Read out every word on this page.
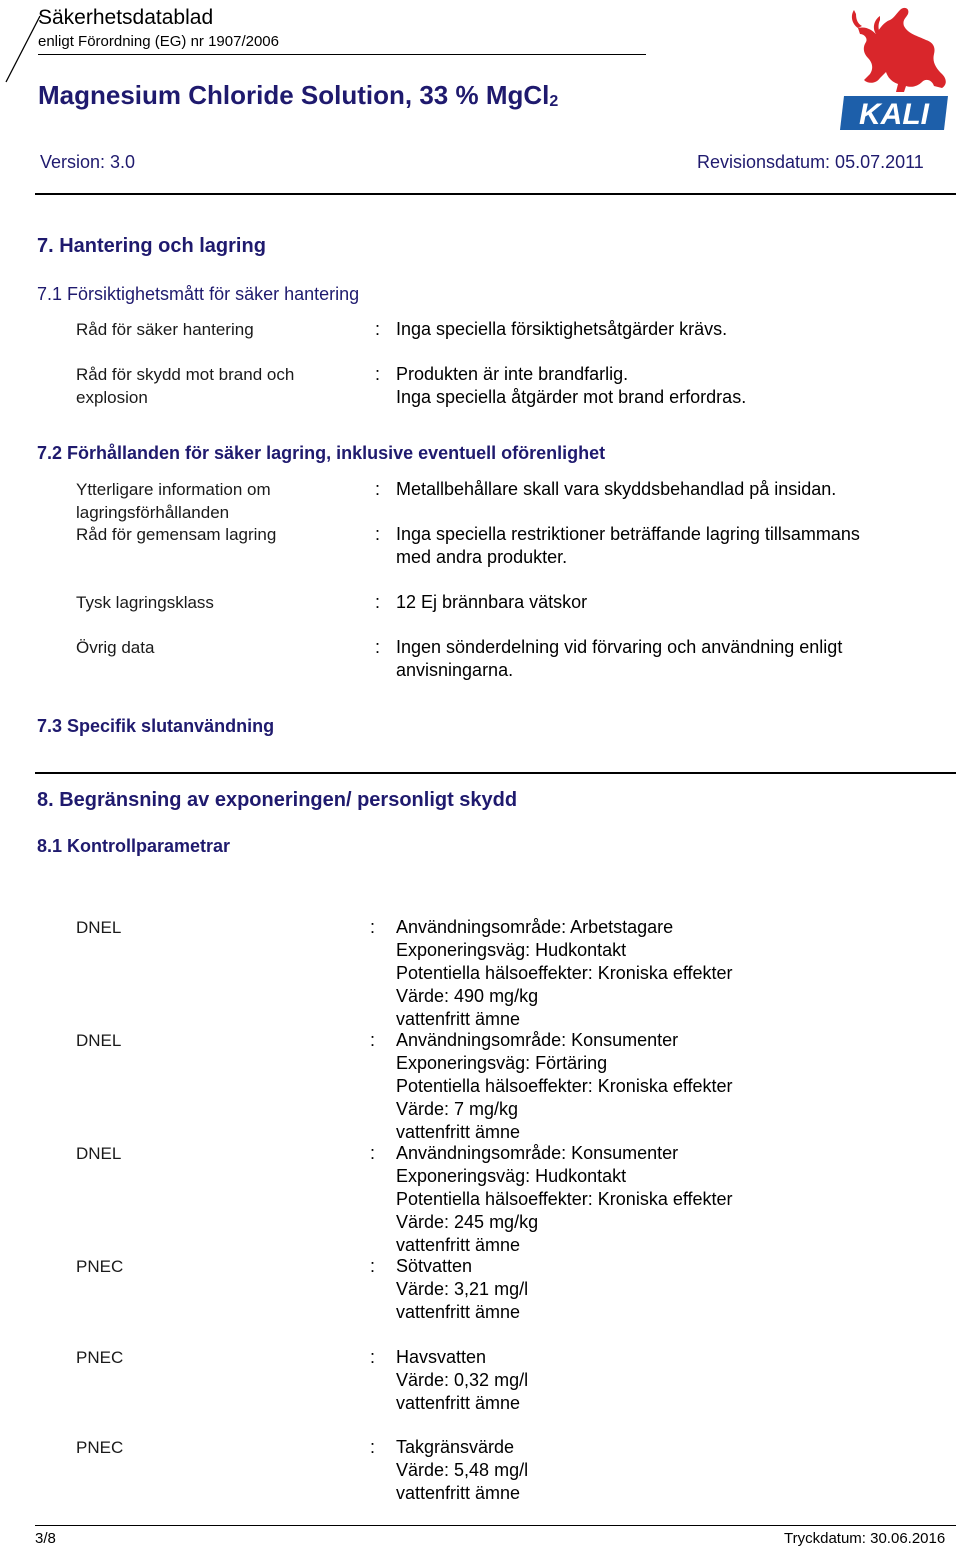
Säkerhetsdatablad
enligt Förordning (EG) nr 1907/2006
Magnesium Chloride Solution, 33 % MgCl$_2$	KALI
Version: 3.0	Revisionsdatum: 05.07.2011
7. Hantering och lagring
7.1 Försiktighetsmått för säker hantering
Råd för säker hantering	: Inga speciella försiktighetsåtgärder krävs.
Råd för skydd mot brand och
explosion
: Produkten är inte brandfarlig.
Inga speciella åtgärder mot brand erfordras.
7.2 Förhållanden för säker lagring, inklusive eventuell oförenlighet
Ytterligare information om
lagringsförhållanden
: Metallbehållare skall vara skyddsbehandlad på insidan.
Råd för gemensam lagring	: Inga speciella restriktioner beträffande lagring tillsammans
med andra produkter.
Tysk lagringsklass	: 12 Ej brännbara vätskor
Övrig data	: Ingen sönderdelning vid förvaring och användning enligt
anvisningarna.
7.3 Specifik slutanvändning
8. Begränsning av exponeringen/ personligt skydd
8.1 Kontrollparametrar
DNEL	: Användningsområde: Arbetstagare
Exponeringsväg: Hudkontakt
Potentiella hälsoeffekter: Kroniska effekter
Värde: 490 mg/kg
vattenfritt ämne
DNEL	: Användningsområde: Konsumenter
Exponeringsväg: Förtäring
Potentiella hälsoeffekter: Kroniska effekter
Värde: 7 mg/kg
vattenfritt ämne
DNEL	: Användningsområde: Konsumenter
Exponeringsväg: Hudkontakt
Potentiella hälsoeffekter: Kroniska effekter
Värde: 245 mg/kg
vattenfritt ämne
PNEC	: Sötvatten
Värde: 3,21 mg/l
vattenfritt ämne
PNEC	: Havsvatten
Värde: 0,32 mg/l
vattenfritt ämne
PNEC	: Takgränsvärde
Värde: 5,48 mg/l
vattenfritt ämne
3/8	Tryckdatum: 30.06.2016
